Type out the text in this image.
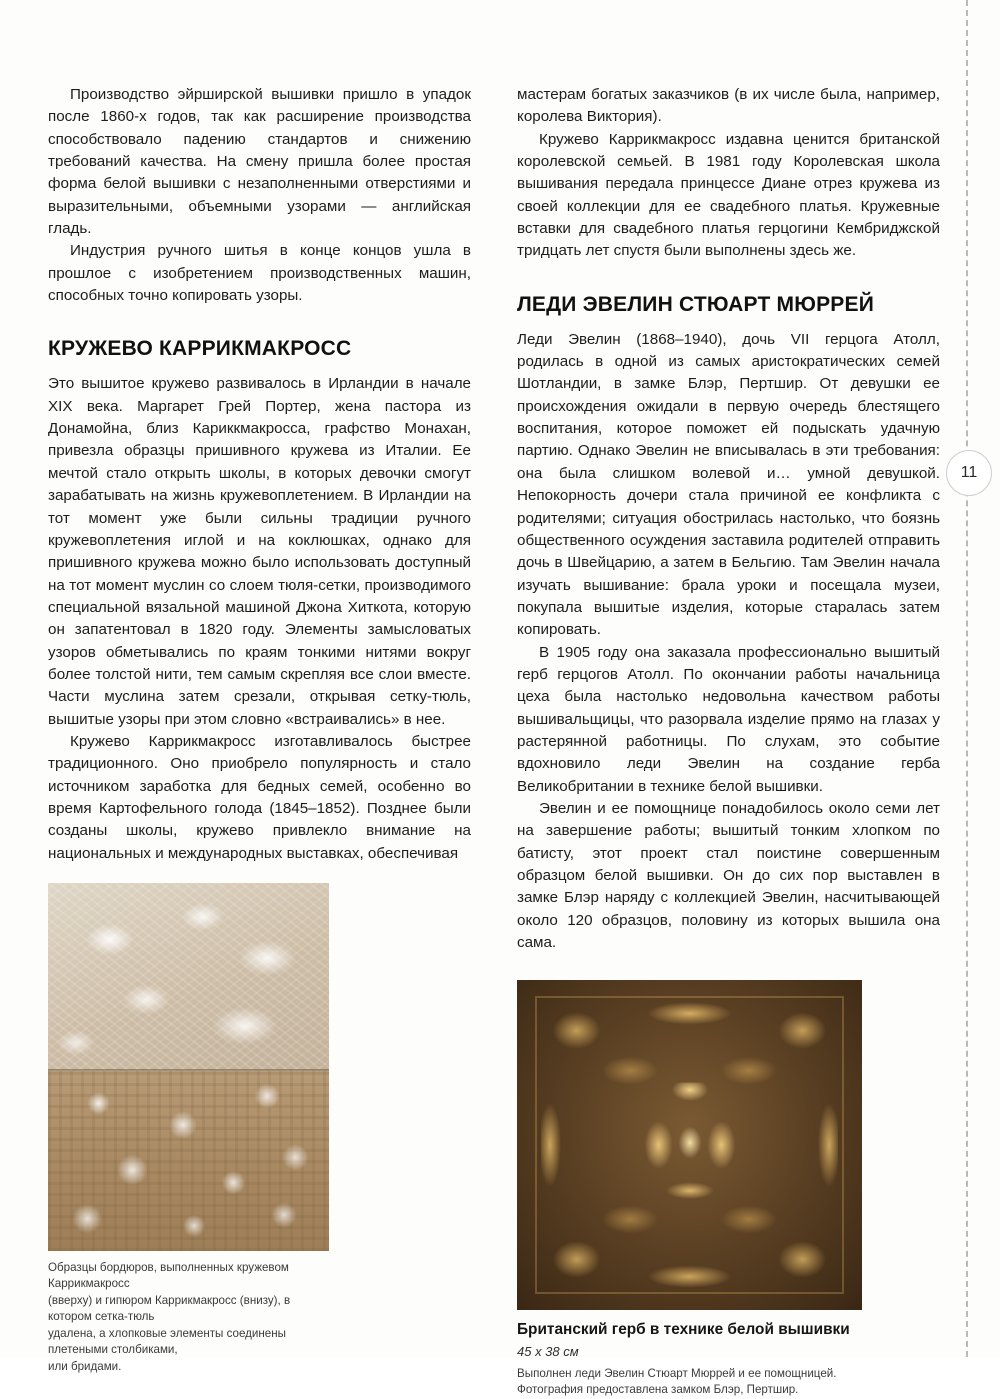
11

Производство эйрширской вышивки пришло в упадок после 1860-х годов, так как расширение производства способствовало падению стандартов и снижению требований качества. На смену пришла более простая форма белой вышивки с незаполненными отверстиями и выразительными, объемными узорами — английская гладь.

Индустрия ручного шитья в конце концов ушла в прошлое с изобретением производственных машин, способных точно копировать узоры.

КРУЖЕВО КАРРИКМАКРОСС

Это вышитое кружево развивалось в Ирландии в начале XIX века. Маргарет Грей Портер, жена пастора из Донамойна, близ Кариккмакросса, графство Монахан, привезла образцы пришивного кружева из Италии. Ее мечтой стало открыть школы, в которых девочки смогут зарабатывать на жизнь кружевоплетением. В Ирландии на тот момент уже были сильны традиции ручного кружевоплетения иглой и на коклюшках, однако для пришивного кружева можно было использовать доступный на тот момент муслин со слоем тюля-сетки, производимого специальной вязальной машиной Джона Хиткота, которую он запатентовал в 1820 году. Элементы замысловатых узоров обметывались по краям тонкими нитями вокруг более толстой нити, тем самым скрепляя все слои вместе. Части муслина затем срезали, открывая сетку-тюль, вышитые узоры при этом словно «встраивались» в нее.

Кружево Каррикмакросс изготавливалось быстрее традиционного. Оно приобрело популярность и стало источником заработка для бедных семей, особенно во время Картофельного голода (1845–1852). Позднее были созданы школы, кружево привлекло внимание на национальных и международных выставках, обеспечивая

Образцы бордюров, выполненных кружевом Каррикмакросс
(вверху) и гипюром Каррикмакросс (внизу), в котором сетка-тюль
удалена, а хлопковые элементы соединены плетеными столбиками,
или бридами.

мастерам богатых заказчиков (в их числе была, например, королева Виктория).

Кружево Каррикмакросс издавна ценится британской королевской семьей. В 1981 году Королевская школа вышивания передала принцессе Диане отрез кружева из своей коллекции для ее свадебного платья. Кружевные вставки для свадебного платья герцогини Кембриджской тридцать лет спустя были выполнены здесь же.

ЛЕДИ ЭВЕЛИН СТЮАРТ МЮРРЕЙ

Леди Эвелин (1868–1940), дочь VII герцога Атолл, родилась в одной из самых аристократических семей Шотландии, в замке Блэр, Пертшир. От девушки ее происхождения ожидали в первую очередь блестящего воспитания, которое поможет ей подыскать удачную партию. Однако Эвелин не вписывалась в эти требования: она была слишком волевой и… умной девушкой. Непокорность дочери стала причиной ее конфликта с родителями; ситуация обострилась настолько, что боязнь общественного осуждения заставила родителей отправить дочь в Швейцарию, а затем в Бельгию. Там Эвелин начала изучать вышивание: брала уроки и посещала музеи, покупала вышитые изделия, которые старалась затем копировать.

В 1905 году она заказала профессионально вышитый герб герцогов Атолл. По окончании работы начальница цеха была настолько недовольна качеством работы вышивальщицы, что разорвала изделие прямо на глазах у растерянной работницы. По слухам, это событие вдохновило леди Эвелин на создание герба Великобритании в технике белой вышивки.

Эвелин и ее помощнице понадобилось около семи лет на завершение работы; вышитый тонким хлопком по батисту, этот проект стал поистине совершенным образцом белой вышивки. Он до сих пор выставлен в замке Блэр наряду с коллекцией Эвелин, насчитывающей около 120 образцов, половину из которых вышила она сама.

Британский герб в технике белой вышивки
45 x 38 см
Выполнен леди Эвелин Стюарт Мюррей и ее помощницей.
Фотография предоставлена замком Блэр, Пертшир.
